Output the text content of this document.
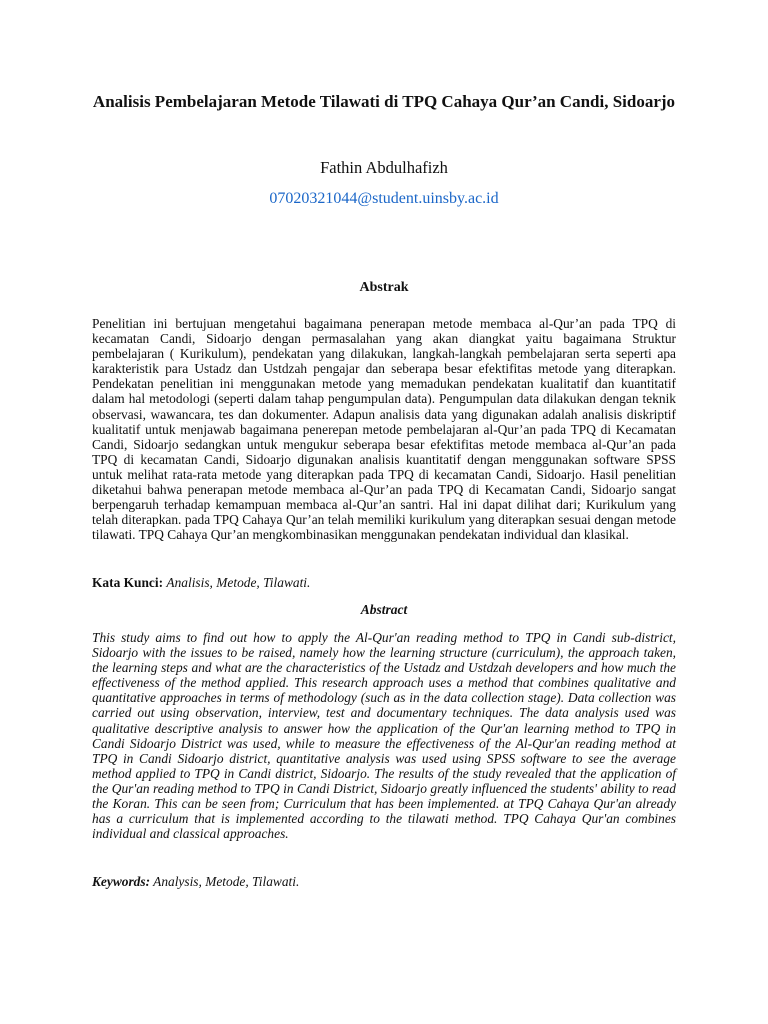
Analisis Pembelajaran Metode Tilawati di TPQ Cahaya Qur’an Candi, Sidoarjo
Fathin Abdulhafizh
07020321044@student.uinsby.ac.id
Abstrak
Penelitian ini bertujuan mengetahui bagaimana penerapan metode membaca al-Qur’an pada TPQ di kecamatan Candi, Sidoarjo dengan permasalahan yang akan diangkat yaitu bagaimana Struktur pembelajaran ( Kurikulum), pendekatan yang dilakukan, langkah-langkah pembelajaran serta seperti apa karakteristik para Ustadz dan Ustdzah pengajar dan seberapa besar efektifitas metode yang diterapkan. Pendekatan penelitian ini menggunakan metode yang memadukan pendekatan kualitatif dan kuantitatif dalam hal metodologi (seperti dalam tahap pengumpulan data). Pengumpulan data dilakukan dengan teknik observasi, wawancara, tes dan dokumenter. Adapun analisis data yang digunakan adalah analisis diskriptif kualitatif untuk menjawab bagaimana penerepan metode pembelajaran al-Qur’an pada TPQ di Kecamatan Candi, Sidoarjo sedangkan untuk mengukur seberapa besar efektifitas metode membaca al-Qur’an pada TPQ di kecamatan Candi, Sidoarjo digunakan analisis kuantitatif dengan menggunakan software SPSS untuk melihat rata-rata metode yang diterapkan pada TPQ di kecamatan Candi, Sidoarjo. Hasil penelitian diketahui bahwa penerapan metode membaca al-Qur’an pada TPQ di Kecamatan Candi, Sidoarjo sangat berpengaruh terhadap kemampuan membaca al-Qur’an santri. Hal ini dapat dilihat dari; Kurikulum yang telah diterapkan. pada TPQ Cahaya Qur’an telah memiliki kurikulum yang diterapkan sesuai dengan metode tilawati. TPQ Cahaya Qur’an mengkombinasikan menggunakan pendekatan individual dan klasikal.
Kata Kunci: Analisis, Metode, Tilawati.
Abstract
This study aims to find out how to apply the Al-Qur'an reading method to TPQ in Candi sub-district, Sidoarjo with the issues to be raised, namely how the learning structure (curriculum), the approach taken, the learning steps and what are the characteristics of the Ustadz and Ustdzah developers and how much the effectiveness of the method applied. This research approach uses a method that combines qualitative and quantitative approaches in terms of methodology (such as in the data collection stage). Data collection was carried out using observation, interview, test and documentary techniques. The data analysis used was qualitative descriptive analysis to answer how the application of the Qur'an learning method to TPQ in Candi Sidoarjo District was used, while to measure the effectiveness of the Al-Qur'an reading method at TPQ in Candi Sidoarjo district, quantitative analysis was used using SPSS software to see the average method applied to TPQ in Candi district, Sidoarjo. The results of the study revealed that the application of the Qur'an reading method to TPQ in Candi District, Sidoarjo greatly influenced the students' ability to read the Koran. This can be seen from; Curriculum that has been implemented. at TPQ Cahaya Qur'an already has a curriculum that is implemented according to the tilawati method. TPQ Cahaya Qur'an combines individual and classical approaches.
Keywords: Analysis, Metode, Tilawati.
